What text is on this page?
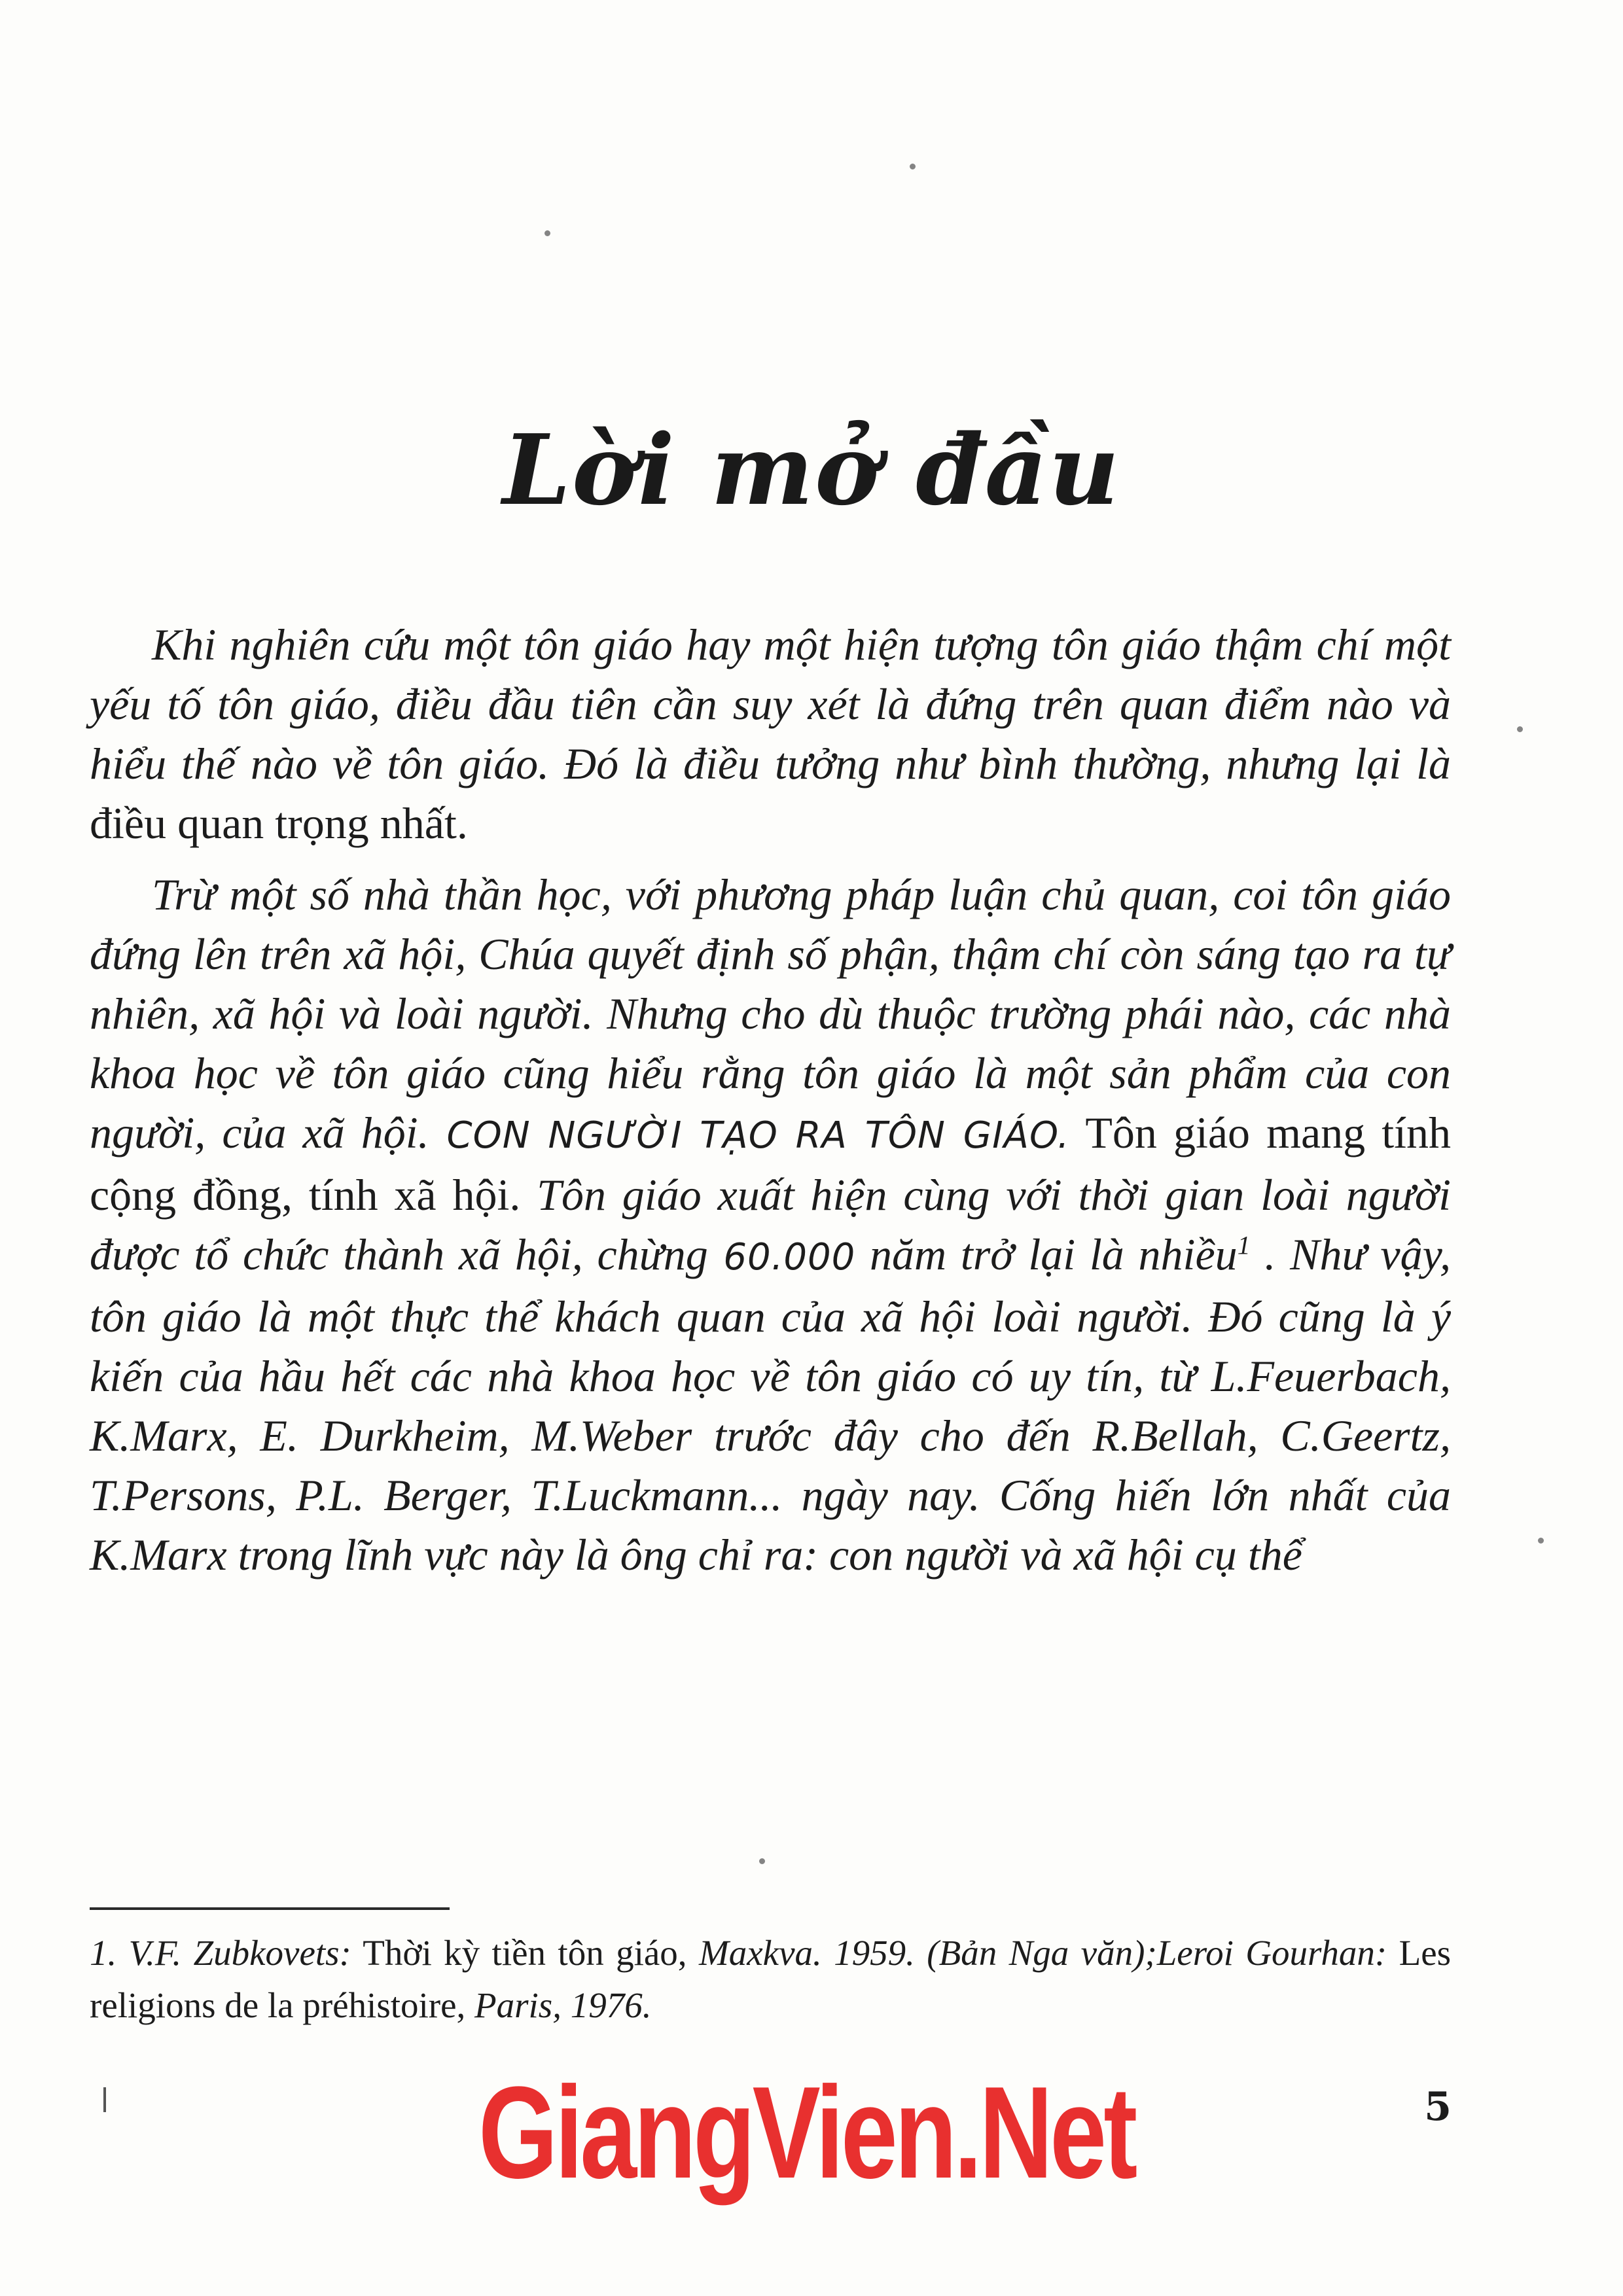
Lời mở đầu

Khi nghiên cứu một tôn giáo hay một hiện tượng tôn giáo thậm chí một yếu tố tôn giáo, điều đầu tiên cần suy xét là đứng trên quan điểm nào và hiểu thế nào về tôn giáo. Đó là điều tưởng như bình thường, nhưng lại là điều quan trọng nhất.

Trừ một số nhà thần học, với phương pháp luận chủ quan, coi tôn giáo đứng lên trên xã hội, Chúa quyết định số phận, thậm chí còn sáng tạo ra tự nhiên, xã hội và loài người. Nhưng cho dù thuộc trường phái nào, các nhà khoa học về tôn giáo cũng hiểu rằng tôn giáo là một sản phẩm của con người, của xã hội. CON NGƯỜI TẠO RA TÔN GIÁO. Tôn giáo mang tính cộng đồng, tính xã hội. Tôn giáo xuất hiện cùng với thời gian loài người được tổ chức thành xã hội, chừng 60.000 năm trở lại là nhiều$^1$ . Như vậy, tôn giáo là một thực thể khách quan của xã hội loài người. Đó cũng là ý kiến của hầu hết các nhà khoa học về tôn giáo có uy tín, từ L.Feuerbach, K.Marx, E. Durkheim, M.Weber trước đây cho đến R.Bellah, C.Geertz, T.Persons, P.L. Berger, T.Luckmann... ngày nay. Cống hiến lớn nhất của K.Marx trong lĩnh vực này là ông chỉ ra: con người và xã hội cụ thể

1. V.F. Zubkovets: Thời kỳ tiền tôn giáo, Maxkva. 1959. (Bản Nga văn);Leroi Gourhan: Les religions de la préhistoire, Paris, 1976.
GiangVien.Net	5
